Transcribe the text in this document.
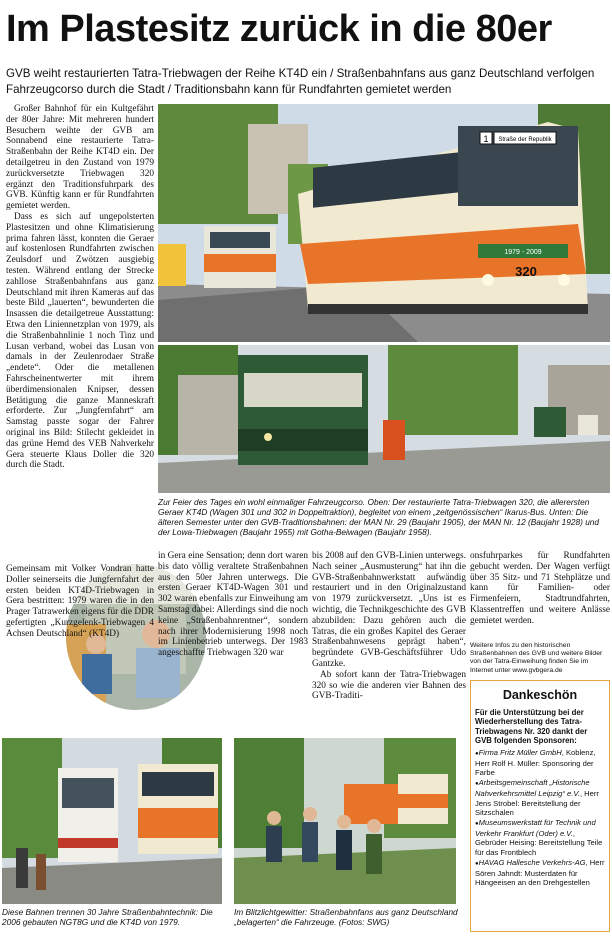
Im Plastesitz zurück in die 80er
GVB weiht restaurierten Tatra-Triebwagen der Reihe KT4D ein / Straßenbahnfans aus ganz Deutschland verfolgen Fahrzeugcorso durch die Stadt / Traditionsbahn kann für Rundfahrten gemietet werden

Großer Bahnhof für ein Kultgefährt der 80er Jahre: Mit mehreren hundert Besuchern weihte der GVB am Sonnabend eine restaurierte Tatra-Straßenbahn der Reihe KT4D ein. Der detailgetreu in den Zustand von 1979 zurückversetzte Triebwagen 320 ergänzt den Traditionsfuhrpark des GVB. Künftig kann er für Rundfahrten gemietet werden.

Dass es sich auf ungepolsterten Plastesitzen und ohne Klimatisierung prima fahren lässt, konnten die Geraer auf kostenlosen Rundfahrten zwischen Zeulsdorf und Zwötzen ausgiebig testen. Während entlang der Strecke zahllose Straßenbahnfans aus ganz Deutschland mit ihren Kameras auf das beste Bild „lauerten“, bewunderten die Insassen die detailgetreue Ausstattung: Etwa den Liniennetzplan von 1979, als die Straßenbahnlinie 1 noch Tinz und Lusan verband, wobei das Lusan von damals in der Zeulenrodaer Straße „endete“. Oder die metallenen Fahrscheinentwerter mit ihrem überdimensionalen Knipser, dessen Betätigung die ganze Manneskraft erforderte. Zur „Jungfernfahrt“ am Samstag passte sogar der Fahrer original ins Bild: Stilecht gekleidet in das grüne Hemd des VEB Nahverkehr Gera steuerte Klaus Doller die 320 durch die Stadt.

1 Straße der Republik
1979 - 2009
320
Zur Feier des Tages ein wohl einmaliger Fahrzeugcorso. Oben: Der restaurierte Tatra-Triebwagen 320, die allerersten Geraer KT4D (Wagen 301 und 302 in Doppeltraktion), begleitet von einem „zeitgenössischen“ Ikarus-Bus. Unten: Die älteren Semester unter den GVB-Traditionsbahnen: der MAN Nr. 29 (Baujahr 1905), der MAN Nr. 12 (Baujahr 1928) und der Lowa-Triebwagen (Baujahr 1955) mit Gotha-Beiwagen (Baujahr 1958).

Gemeinsam mit Volker Vondran hatte Doller seinerseits die Jungfernfahrt der ersten beiden KT4D-Triebwagen in Gera bestritten: 1979 waren die in den Prager Tatrawerken eigens für die DDR gefertigten „Kurzgelenk-Triebwagen 4 Achsen Deutschland“ (KT4D)

in Gera eine Sensation; denn dort waren bis dato völlig veraltete Straßenbahnen aus den 50er Jahren unterwegs. Die ersten Geraer KT4D-Wagen 301 und 302 waren ebenfalls zur Einweihung am Samstag dabei: Allerdings sind die noch keine „Straßenbahnrentner“, sondern nach ihrer Modernisierung 1998 noch im Linienbetrieb unterwegs. Der 1983 angeschaffte Triebwagen 320 war

bis 2008 auf den GVB-Linien unterwegs. Nach seiner „Ausmusterung“ hat ihn die GVB-Straßenbahnwerkstatt aufwändig restauriert und in den Originalzustand von 1979 zurückversetzt. „Uns ist es wichtig, die Technikgeschichte des GVB abzubilden: Dazu gehören auch die Tatras, die ein großes Kapitel des Geraer Straßenbahnwesens geprägt haben“, begründete GVB-Geschäftsführer Udo Gantzke.

Ab sofort kann der Tatra-Triebwagen 320 so wie die anderen vier Bahnen des GVB-Traditi-

onsfuhrparkes für Rundfahrten gebucht werden. Der Wagen verfügt über 35 Sitz- und 71 Stehplätze und kann für Familien- oder Firmenfeiern, Stadtrundfahrten, Klassentreffen und weitere Anlässe gemietet werden.

Weitere Infos zu den historischen Straßenbahnen des GVB und weitere Bilder von der Tatra-Einweihung finden Sie im Internet unter www.gvbgera.de
Diese Bahnen trennen 30 Jahre Straßenbahntechnik: Die 2006 gebauten NGT8G und die KT4D von 1979.
Im Blitzlichtgewitter: Straßenbahnfans aus ganz Deutschland „belagerten“ die Fahrzeuge. (Fotos: SWG)
Dankeschön
Für die Unterstützung bei der Wiederherstellung des Tatra-Triebwagens Nr. 320 dankt der GVB folgenden Sponsoren:
● Firma Fritz Müller GmbH, Koblenz, Herr Rolf H. Müller: Sponsoring der Farbe
● Arbeitsgemeinschaft „Historische Nahverkehrsmittel Leipzig“ e.V., Herr Jens Strobel: Bereitstellung der Sitzschalen
● Museumswerkstatt für Technik und Verkehr Frankfurt (Oder) e.V., Gebrüder Heising: Bereitstellung Teile für das Frontblech
● HAVAG Hallesche Verkehrs-AG, Herr Sören Jahndt: Musterdaten für Hängeeisen an den Drehgestellen
